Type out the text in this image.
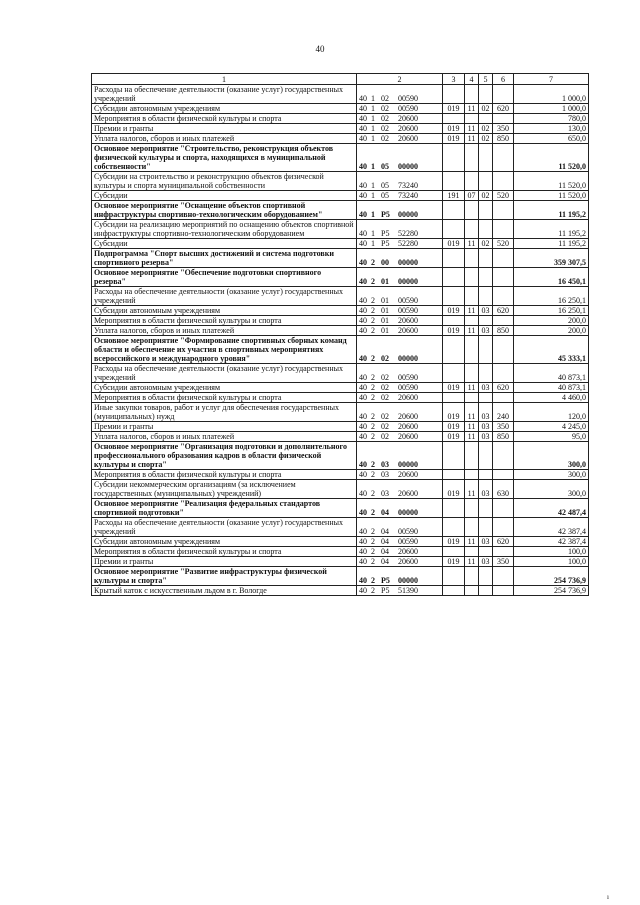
40
1	2	3	4	5	6	7
Расходы на обеспечение деятельности (оказание услуг) государственных учреждений	40 1 02 00590					1 000,0
Субсидии автономным учреждениям	40 1 02 00590	019	11	02	620	1 000,0
Мероприятия в области физической культуры и спорта	40 1 02 20600					780,0
Премии и гранты	40 1 02 20600	019	11	02	350	130,0
Уплата налогов, сборов и иных платежей	40 1 02 20600	019	11	02	850	650,0
Основное мероприятие "Строительство, реконструкция объектов физической культуры и спорта, находящихся в муниципальной собственности"	40 1 05 00000					11 520,0
Субсидии на строительство и реконструкцию объектов физической культуры и спорта муниципальной собственности	40 1 05 73240					11 520,0
Субсидии	40 1 05 73240	191	07	02	520	11 520,0
Основное мероприятие "Оснащение объектов спортивной инфраструктуры спортивно-технологическим оборудованием"	40 1 P5 00000					11 195,2
Субсидии на реализацию мероприятий по оснащению объектов спортивной инфраструктуры спортивно-технологическим оборудованием	40 1 P5 52280					11 195,2
Субсидии	40 1 P5 52280	019	11	02	520	11 195,2
Подпрограмма "Спорт высших достижений и система подготовки спортивного резерва"	40 2 00 00000					359 307,5
Основное мероприятие "Обеспечение подготовки спортивного резерва"	40 2 01 00000					16 450,1
Расходы на обеспечение деятельности (оказание услуг) государственных учреждений	40 2 01 00590					16 250,1
Субсидии автономным учреждениям	40 2 01 00590	019	11	03	620	16 250,1
Мероприятия в области физической культуры и спорта	40 2 01 20600					200,0
Уплата налогов, сборов и иных платежей	40 2 01 20600	019	11	03	850	200,0
Основное мероприятие "Формирование спортивных сборных команд области и обеспечение их участия в спортивных мероприятиях всероссийского и международного уровня"	40 2 02 00000					45 333,1
Расходы на обеспечение деятельности (оказание услуг) государственных учреждений	40 2 02 00590					40 873,1
Субсидии автономным учреждениям	40 2 02 00590	019	11	03	620	40 873,1
Мероприятия в области физической культуры и спорта	40 2 02 20600					4 460,0
Иные закупки товаров, работ и услуг для обеспечения государственных (муниципальных) нужд	40 2 02 20600	019	11	03	240	120,0
Премии и гранты	40 2 02 20600	019	11	03	350	4 245,0
Уплата налогов, сборов и иных платежей	40 2 02 20600	019	11	03	850	95,0
Основное мероприятие "Организация подготовки и дополнительного профессионального образования кадров в области физической культуры и спорта"	40 2 03 00000					300,0
Мероприятия в области физической культуры и спорта	40 2 03 20600					300,0
Субсидии некоммерческим организациям (за исключением государственных (муниципальных) учреждений)	40 2 03 20600	019	11	03	630	300,0
Основное мероприятие "Реализация федеральных стандартов спортивной подготовки"	40 2 04 00000					42 487,4
Расходы на обеспечение деятельности (оказание услуг) государственных учреждений	40 2 04 00590					42 387,4
Субсидии автономным учреждениям	40 2 04 00590	019	11	03	620	42 387,4
Мероприятия в области физической культуры и спорта	40 2 04 20600					100,0
Премии и гранты	40 2 04 20600	019	11	03	350	100,0
Основное мероприятие "Развитие инфраструктуры физической культуры и спорта"	40 2 P5 00000					254 736,9
Крытый каток с искусственным льдом в г. Вологде	40 2 P5 51390					254 736,9
ı
